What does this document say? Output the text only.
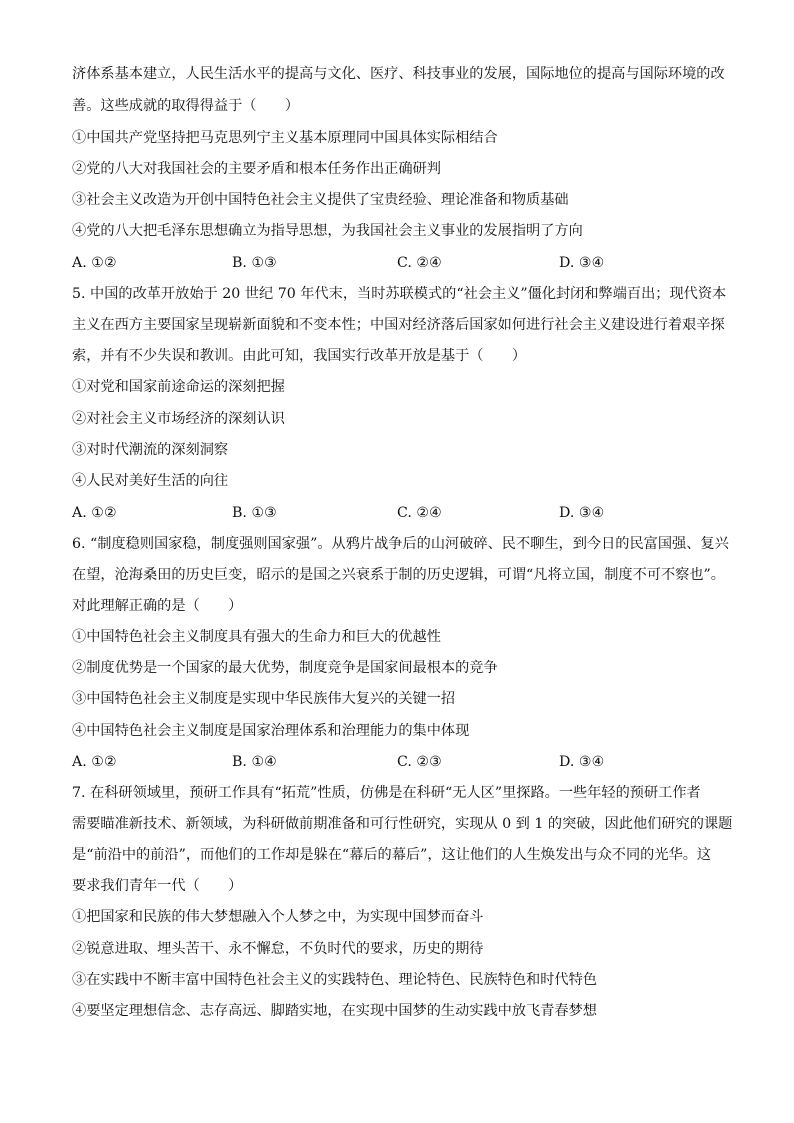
济体系基本建立，人民生活水平的提高与文化、医疗、科技事业的发展，国际地位的提高与国际环境的改
善。这些成就的取得得益于（　　）
①中国共产党坚持把马克思列宁主义基本原理同中国具体实际相结合
②党的八大对我国社会的主要矛盾和根本任务作出正确研判
③社会主义改造为开创中国特色社会主义提供了宝贵经验、理论准备和物质基础
④党的八大把毛泽东思想确立为指导思想，为我国社会主义事业的发展指明了方向
A. ①②	B. ①③	C. ②④	D. ③④
5. 中国的改革开放始于 20 世纪 70 年代末，当时苏联模式的“社会主义”僵化封闭和弊端百出；现代资本
主义在西方主要国家呈现崭新面貌和不变本性；中国对经济落后国家如何进行社会主义建设进行着艰辛探
索，并有不少失误和教训。由此可知，我国实行改革开放是基于（　　）
①对党和国家前途命运的深刻把握
②对社会主义市场经济的深刻认识
③对时代潮流的深刻洞察
④人民对美好生活的向往
A. ①②	B. ①③	C. ②④	D. ③④
6. “制度稳则国家稳，制度强则国家强”。从鸦片战争后的山河破碎、民不聊生，到今日的民富国强、复兴
在望，沧海桑田的历史巨变，昭示的是国之兴衰系于制的历史逻辑，可谓“凡将立国，制度不可不察也”。
对此理解正确的是（　　）
①中国特色社会主义制度具有强大的生命力和巨大的优越性
②制度优势是一个国家的最大优势，制度竞争是国家间最根本的竞争
③中国特色社会主义制度是实现中华民族伟大复兴的关键一招
④中国特色社会主义制度是国家治理体系和治理能力的集中体现
A. ①②	B. ①④	C. ②③	D. ③④
7. 在科研领域里，预研工作具有“拓荒”性质，仿佛是在科研“无人区”里探路。一些年轻的预研工作者
需要瞄准新技术、新领域，为科研做前期准备和可行性研究，实现从 0 到 1 的突破，因此他们研究的课题
是“前沿中的前沿”，而他们的工作却是躲在“幕后的幕后”，这让他们的人生焕发出与众不同的光华。这
要求我们青年一代（　　）
①把国家和民族的伟大梦想融入个人梦之中，为实现中国梦而奋斗
②锐意进取、埋头苦干、永不懈怠，不负时代的要求，历史的期待
③在实践中不断丰富中国特色社会主义的实践特色、理论特色、民族特色和时代特色
④要坚定理想信念、志存高远、脚踏实地，在实现中国梦的生动实践中放飞青春梦想
